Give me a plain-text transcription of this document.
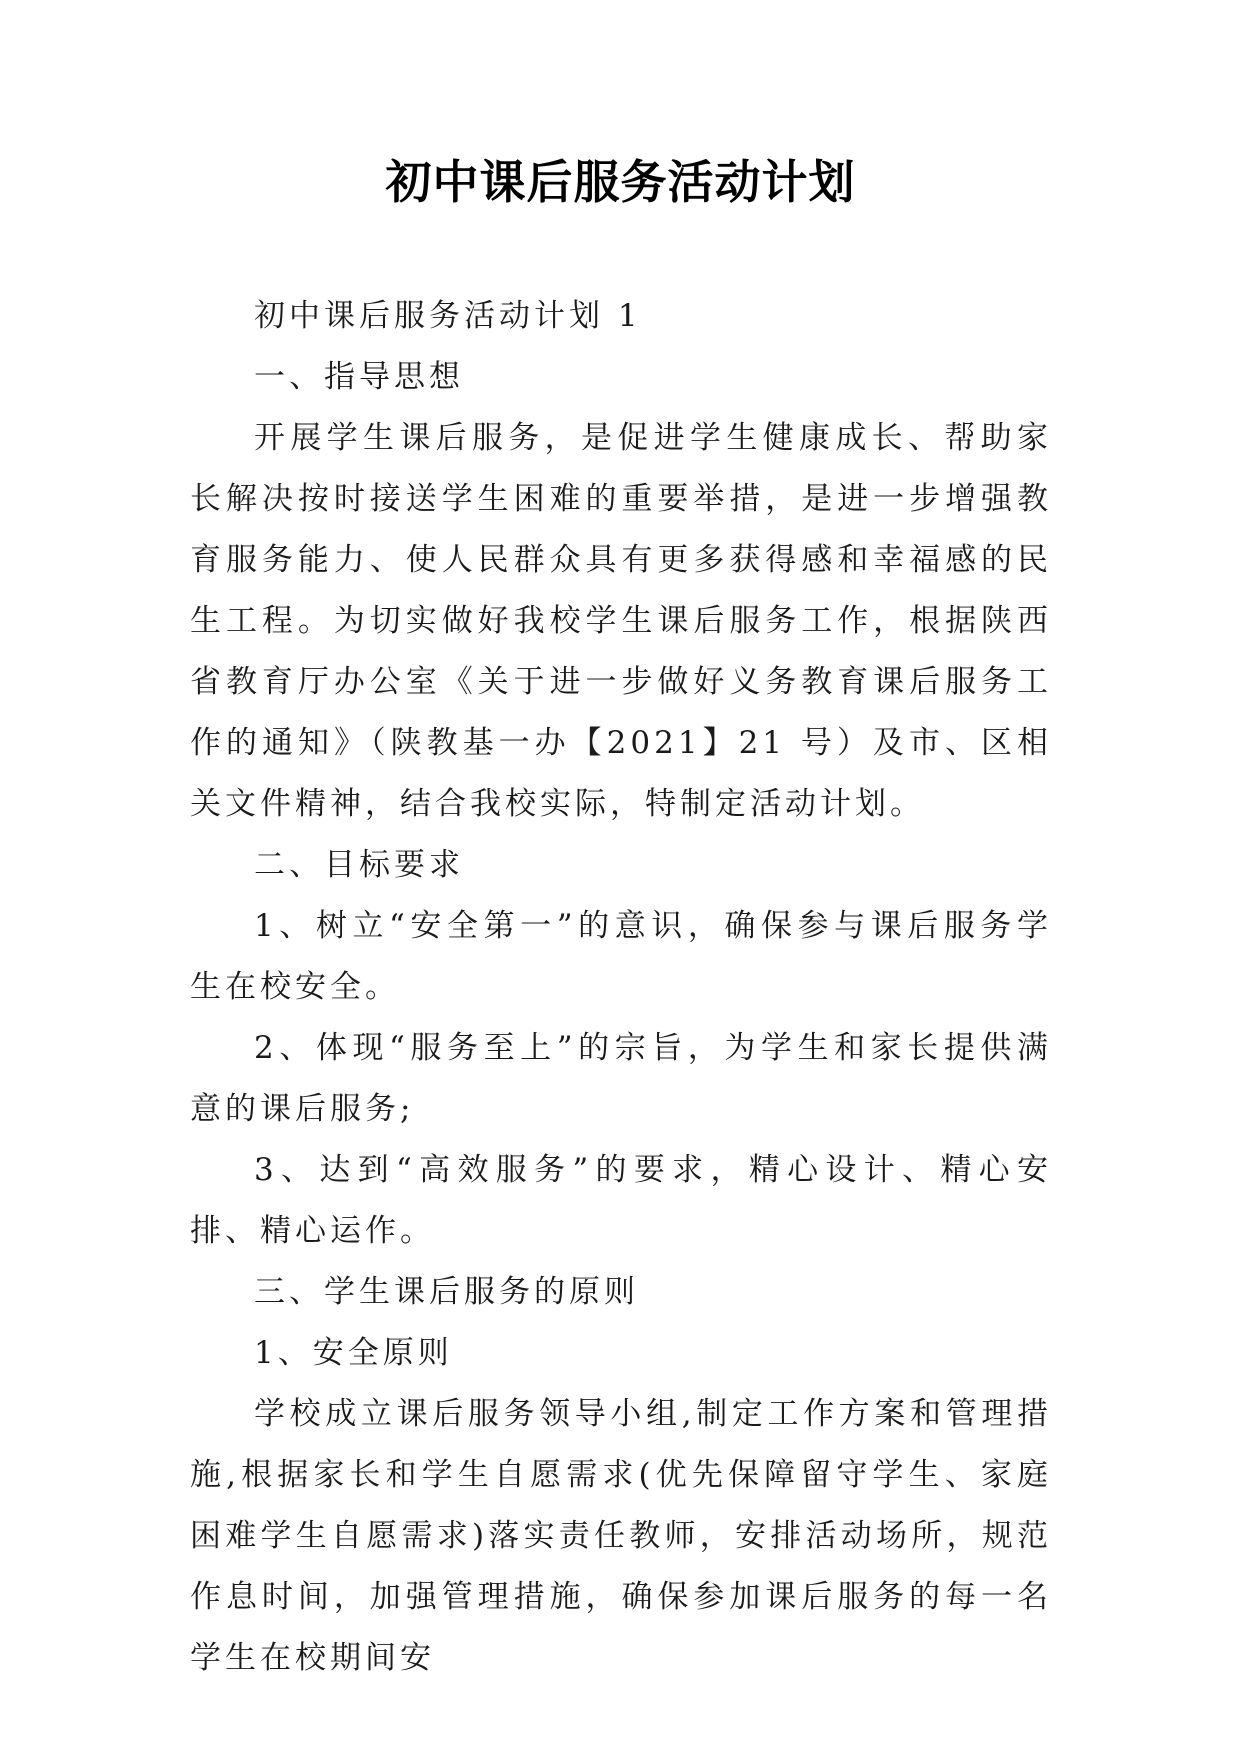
初中课后服务活动计划

初中课后服务活动计划 1

一、指导思想

开展学生课后服务，是促进学生健康成长、帮助家长解决按时接送学生困难的重要举措，是进一步增强教育服务能力、使人民群众具有更多获得感和幸福感的民生工程。为切实做好我校学生课后服务工作，根据陕西省教育厅办公室《关于进一步做好义务教育课后服务工作的通知》（陕教基一办【2021】21 号）及市、区相关文件精神，结合我校实际，特制定活动计划。

二、目标要求

1、树立“安全第一”的意识，确保参与课后服务学生在校安全。

2、体现“服务至上”的宗旨，为学生和家长提供满意的课后服务;

3、达到“高效服务”的要求，精心设计、精心安排、精心运作。

三、学生课后服务的原则

1、安全原则

学校成立课后服务领导小组,制定工作方案和管理措施,根据家长和学生自愿需求(优先保障留守学生、家庭困难学生自愿需求)落实责任教师，安排活动场所，规范作息时间，加强管理措施，确保参加课后服务的每一名学生在校期间安
